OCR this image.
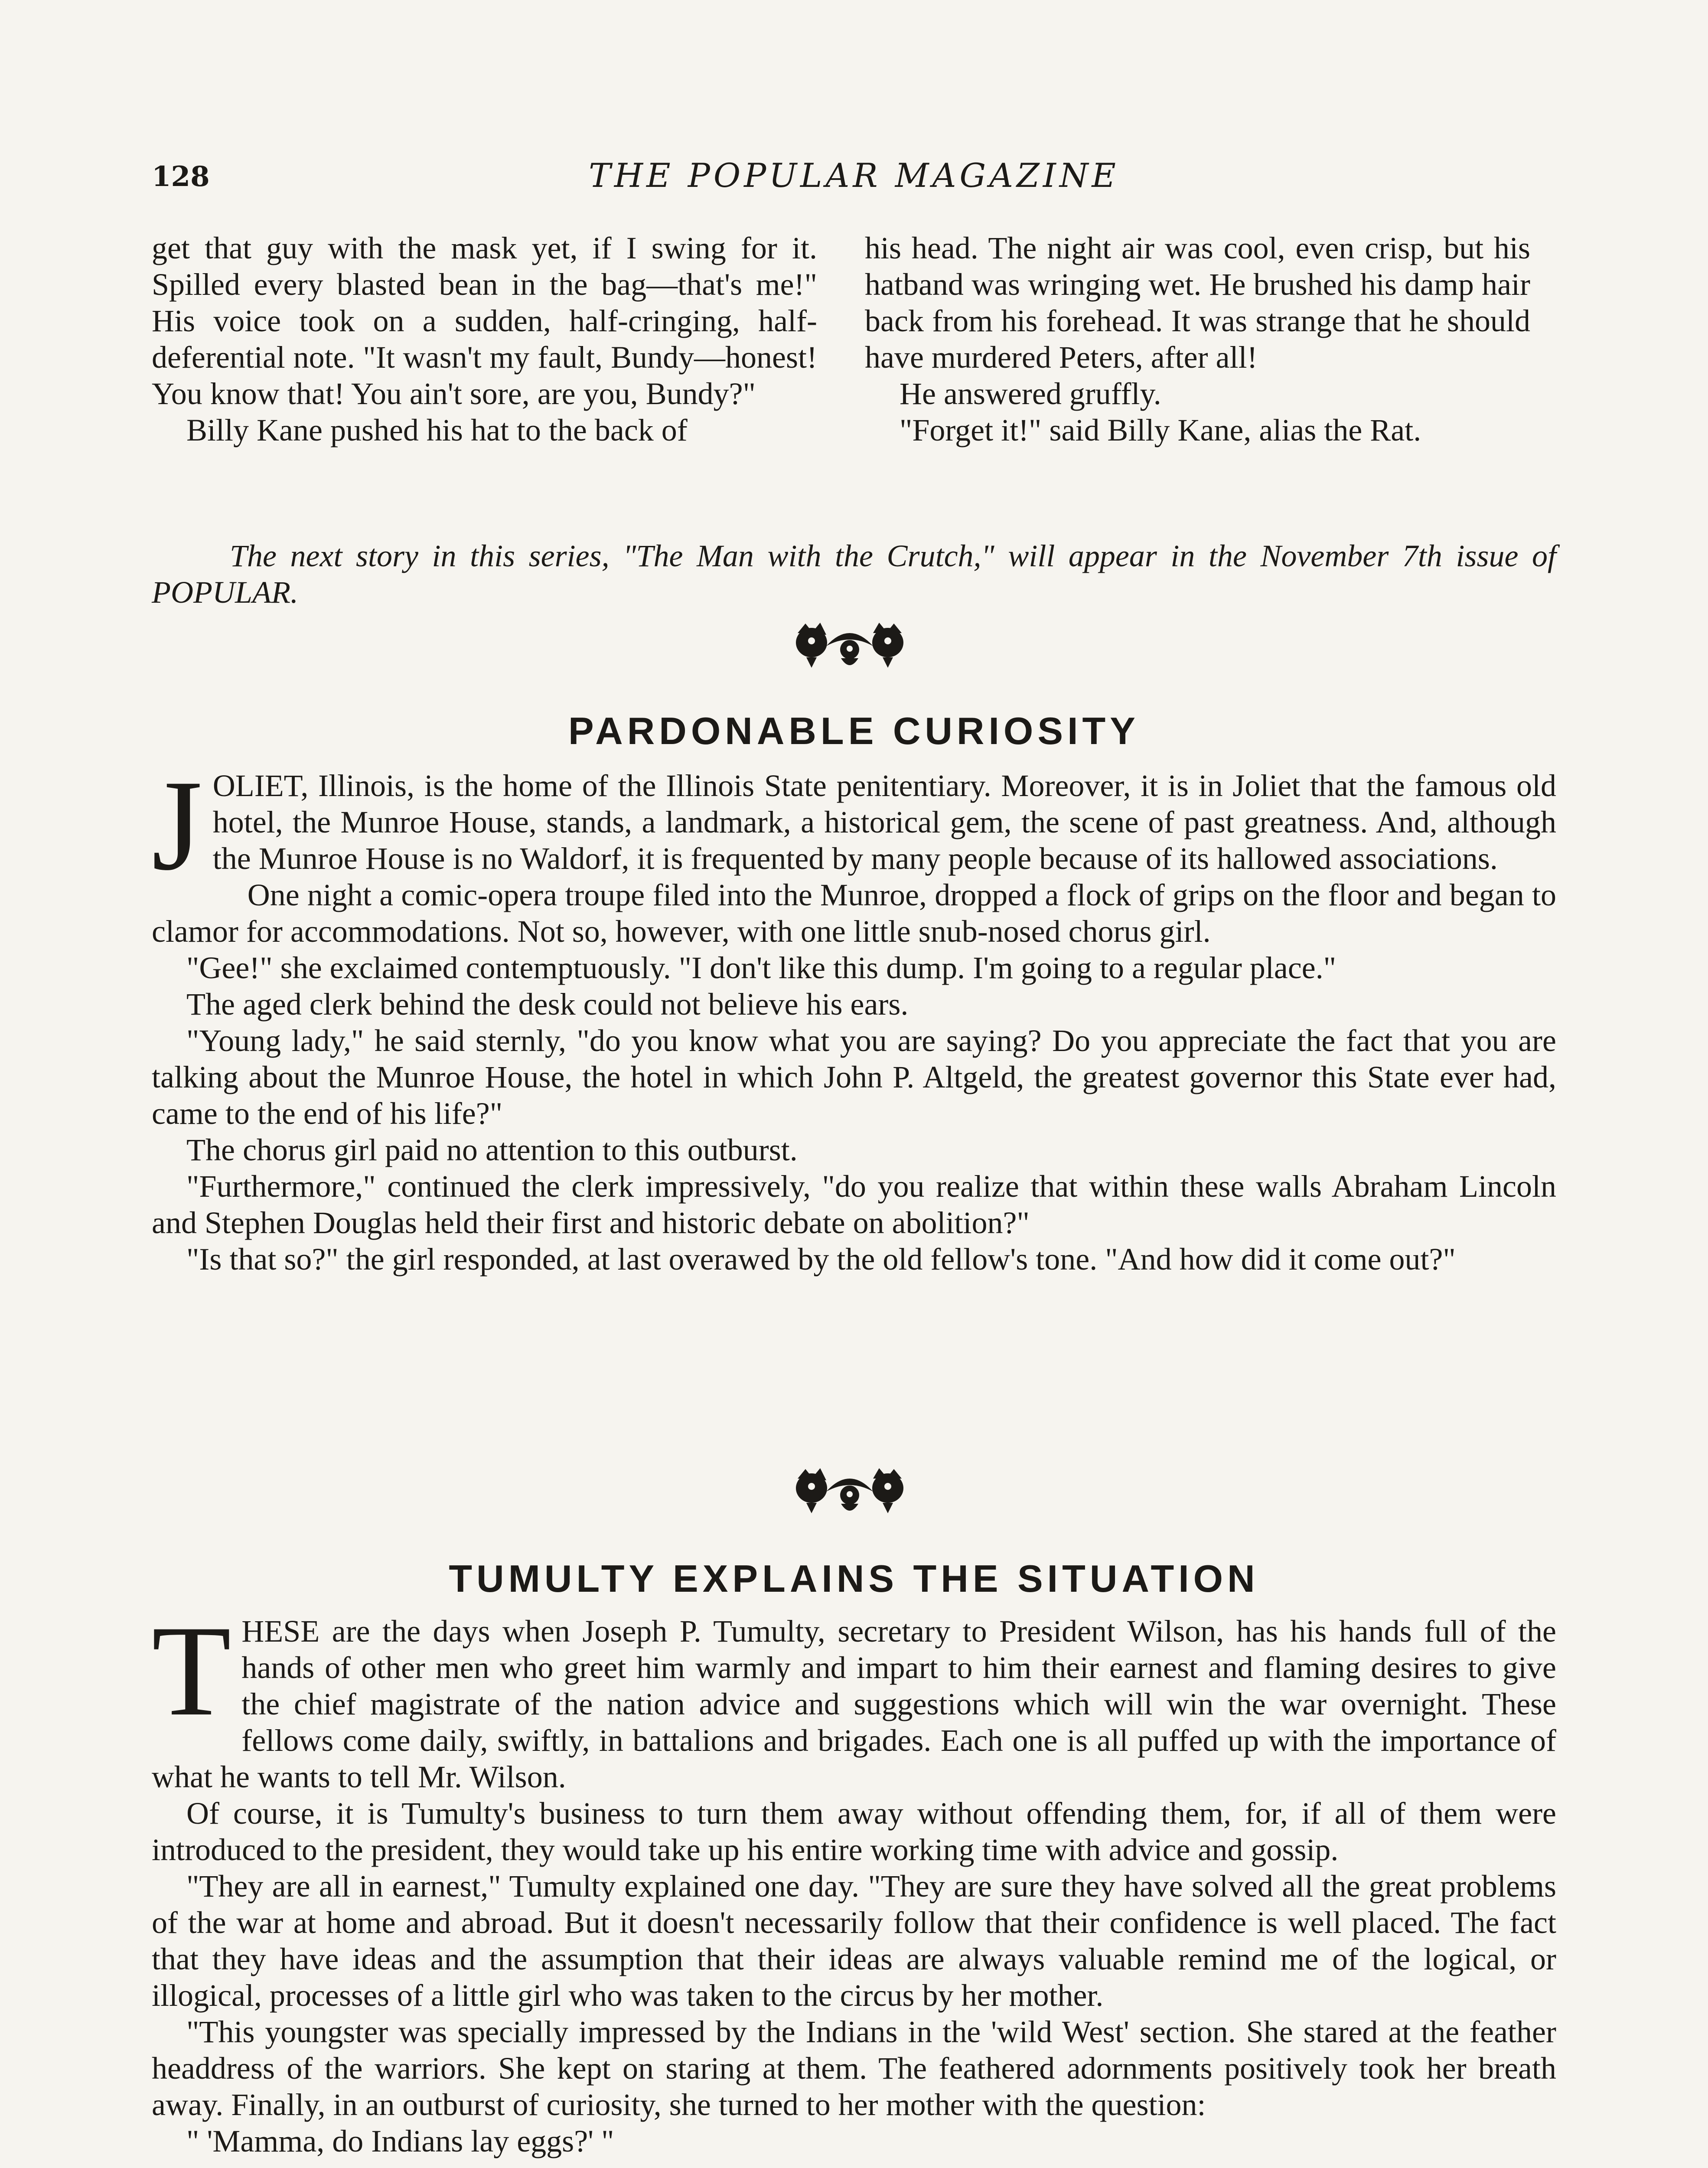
128	THE POPULAR MAGAZINE

get that guy with the mask yet, if I swing for it. Spilled every blasted bean in the bag—that's me!" His voice took on a sudden, half-cringing, half-deferential note. "It wasn't my fault, Bundy—honest! You know that! You ain't sore, are you, Bundy?"

Billy Kane pushed his hat to the back of

his head. The night air was cool, even crisp, but his hatband was wringing wet. He brushed his damp hair back from his forehead. It was strange that he should have murdered Peters, after all!

He answered gruffly.

"Forget it!" said Billy Kane, alias the Rat.

The next story in this series, "The Man with the Crutch," will appear in the November 7th issue of POPULAR.

PARDONABLE CURIOSITY

JOLIET, Illinois, is the home of the Illinois State penitentiary. Moreover, it is in Joliet that the famous old hotel, the Munroe House, stands, a landmark, a historical gem, the scene of past greatness. And, although the Munroe House is no Waldorf, it is frequented by many people because of its hallowed associations.

One night a comic-opera troupe filed into the Munroe, dropped a flock of grips on the floor and began to clamor for accommodations. Not so, however, with one little snub-nosed chorus girl.

"Gee!" she exclaimed contemptuously. "I don't like this dump. I'm going to a regular place."

The aged clerk behind the desk could not believe his ears.

"Young lady," he said sternly, "do you know what you are saying? Do you appreciate the fact that you are talking about the Munroe House, the hotel in which John P. Altgeld, the greatest governor this State ever had, came to the end of his life?"

The chorus girl paid no attention to this outburst.

"Furthermore," continued the clerk impressively, "do you realize that within these walls Abraham Lincoln and Stephen Douglas held their first and historic debate on abolition?"

"Is that so?" the girl responded, at last overawed by the old fellow's tone. "And how did it come out?"

TUMULTY EXPLAINS THE SITUATION

THESE are the days when Joseph P. Tumulty, secretary to President Wilson, has his hands full of the hands of other men who greet him warmly and impart to him their earnest and flaming desires to give the chief magistrate of the nation advice and suggestions which will win the war overnight. These fellows come daily, swiftly, in battalions and brigades. Each one is all puffed up with the importance of what he wants to tell Mr. Wilson.

Of course, it is Tumulty's business to turn them away without offending them, for, if all of them were introduced to the president, they would take up his entire working time with advice and gossip.

"They are all in earnest," Tumulty explained one day. "They are sure they have solved all the great problems of the war at home and abroad. But it doesn't necessarily follow that their confidence is well placed. The fact that they have ideas and the assumption that their ideas are always valuable remind me of the logical, or illogical, processes of a little girl who was taken to the circus by her mother.

"This youngster was specially impressed by the Indians in the 'wild West' section. She stared at the feather headdress of the warriors. She kept on staring at them. The feathered adornments positively took her breath away. Finally, in an outburst of curiosity, she turned to her mother with the question:

" 'Mamma, do Indians lay eggs?' "
